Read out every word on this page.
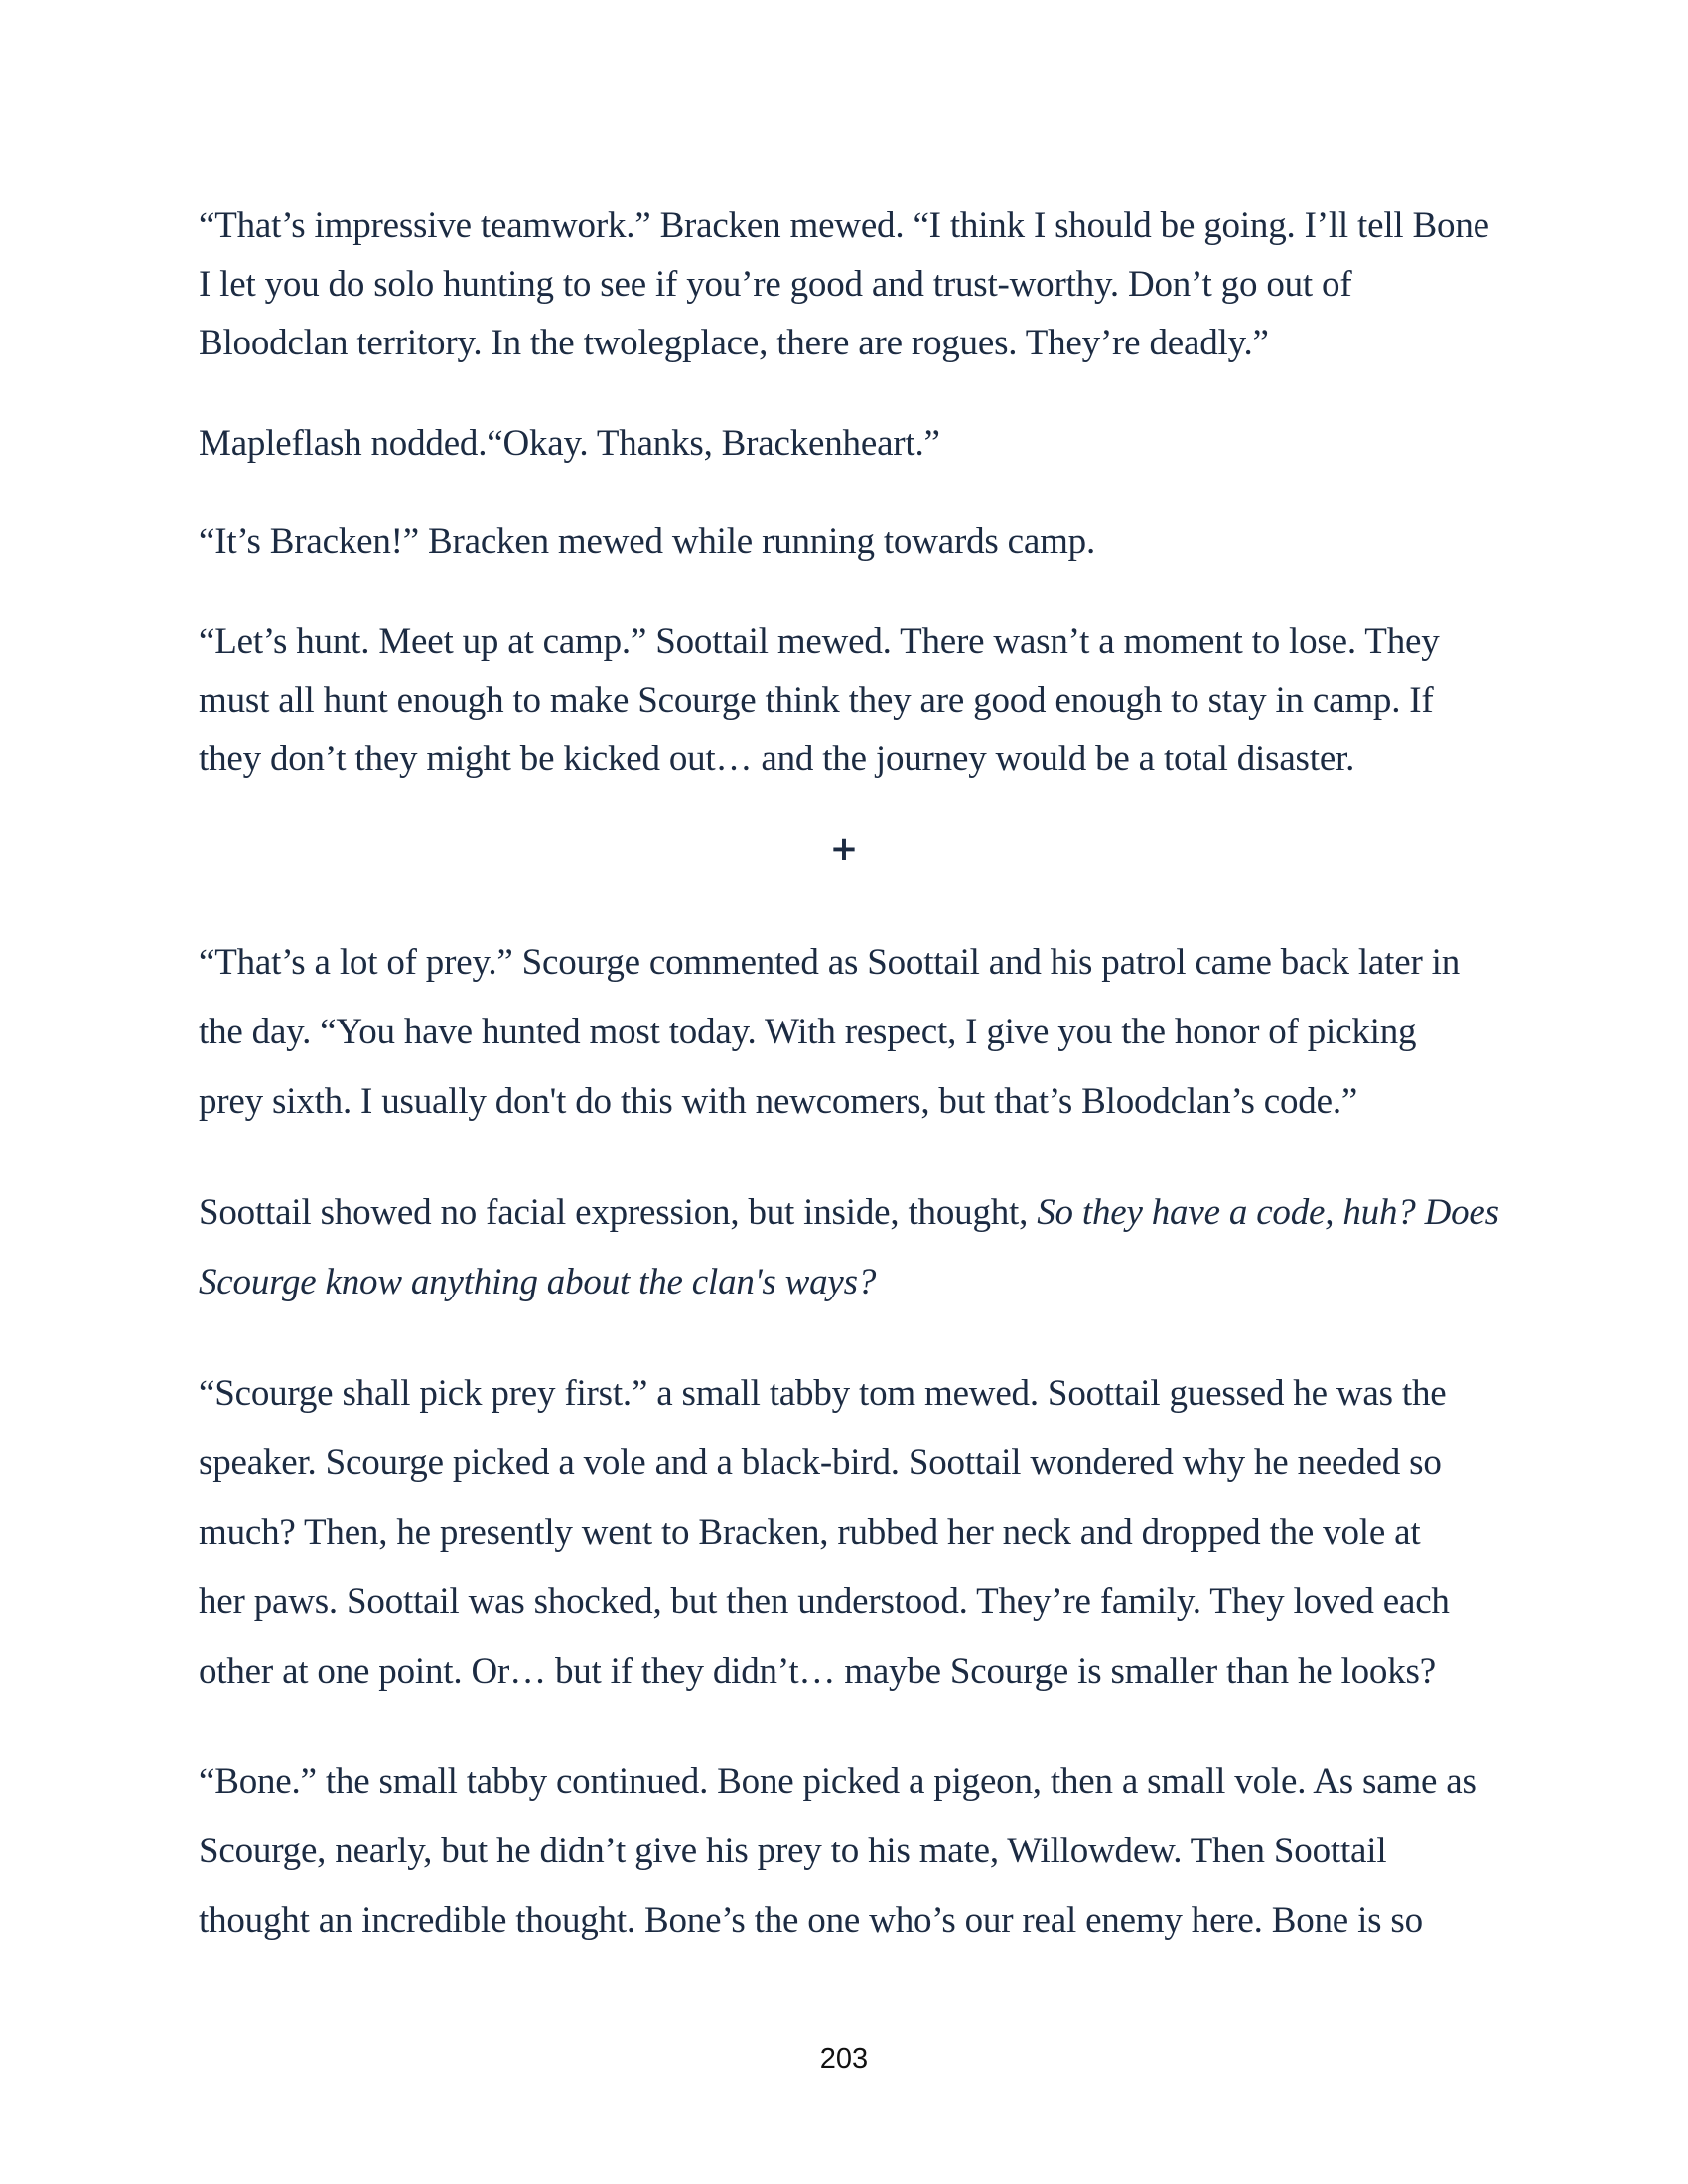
“That’s impressive teamwork.” Bracken mewed. “I think I should be going. I’ll tell Bone

I let you do solo hunting to see if you’re good and trust-worthy. Don’t go out of

Bloodclan territory. In the twolegplace, there are rogues. They’re deadly.”

Mapleflash nodded.“Okay. Thanks, Brackenheart.”

“It’s Bracken!” Bracken mewed while running towards camp.

“Let’s hunt. Meet up at camp.” Soottail mewed. There wasn’t a moment to lose. They

must all hunt enough to make Scourge think they are good enough to stay in camp. If

they don’t they might be kicked out… and the journey would be a total disaster.

+

“That’s a lot of prey.” Scourge commented as Soottail and his patrol came back later in

the day. “You have hunted most today. With respect, I give you the honor of picking

prey sixth. I usually don't do this with newcomers, but that’s Bloodclan’s code.”

Soottail showed no facial expression, but inside, thought, So they have a code, huh? Does

Scourge know anything about the clan's ways?

“Scourge shall pick prey first.” a small tabby tom mewed. Soottail guessed he was the

speaker. Scourge picked a vole and a black-bird. Soottail wondered why he needed so

much? Then, he presently went to Bracken, rubbed her neck and dropped the vole at

her paws. Soottail was shocked, but then understood. They’re family. They loved each

other at one point. Or… but if they didn’t… maybe Scourge is smaller than he looks?

“Bone.” the small tabby continued. Bone picked a pigeon, then a small vole. As same as

Scourge, nearly, but he didn’t give his prey to his mate, Willowdew. Then Soottail

thought an incredible thought. Bone’s the one who’s our real enemy here. Bone is so

203
